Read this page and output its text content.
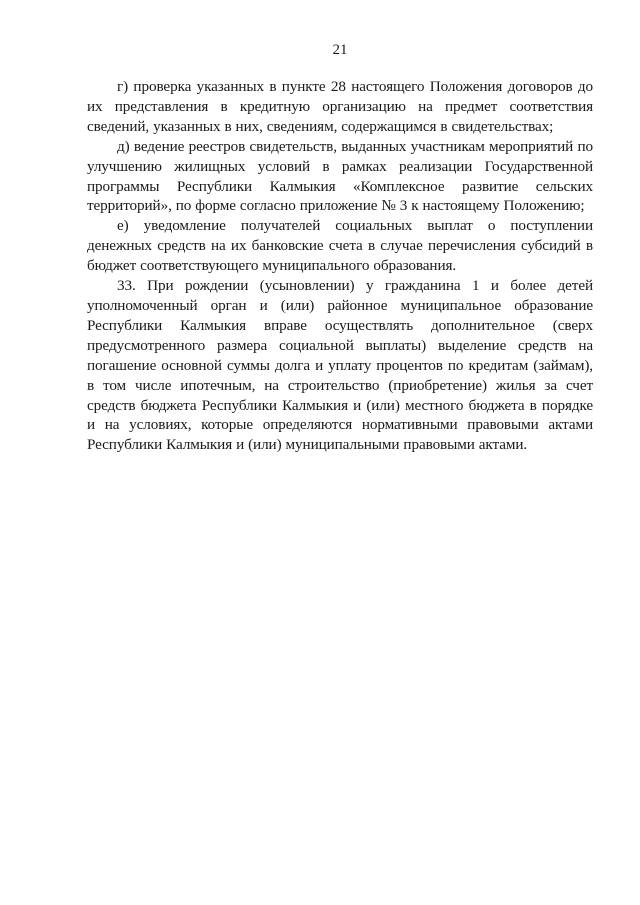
21

г) проверка указанных в пункте 28 настоящего Положения договоров до их представления в кредитную организацию на предмет соответствия сведений, указанных в них, сведениям, содержащимся в свидетельствах;

д) ведение реестров свидетельств, выданных участникам мероприятий по улучшению жилищных условий в рамках реализации Государственной программы Республики Калмыкия «Комплексное развитие сельских территорий», по форме согласно приложение № 3 к настоящему Положению;

е) уведомление получателей социальных выплат о поступлении денежных средств на их банковские счета в случае перечисления субсидий в бюджет соответствующего муниципального образования.

33. При рождении (усыновлении) у гражданина 1 и более детей уполномоченный орган и (или) районное муниципальное образование Республики Калмыкия вправе осуществлять дополнительное (сверх предусмотренного размера социальной выплаты) выделение средств на погашение основной суммы долга и уплату процентов по кредитам (займам), в том числе ипотечным, на строительство (приобретение) жилья за счет средств бюджета Республики Калмыкия и (или) местного бюджета в порядке и на условиях, которые определяются нормативными правовыми актами Республики Калмыкия и (или) муниципальными правовыми актами.
